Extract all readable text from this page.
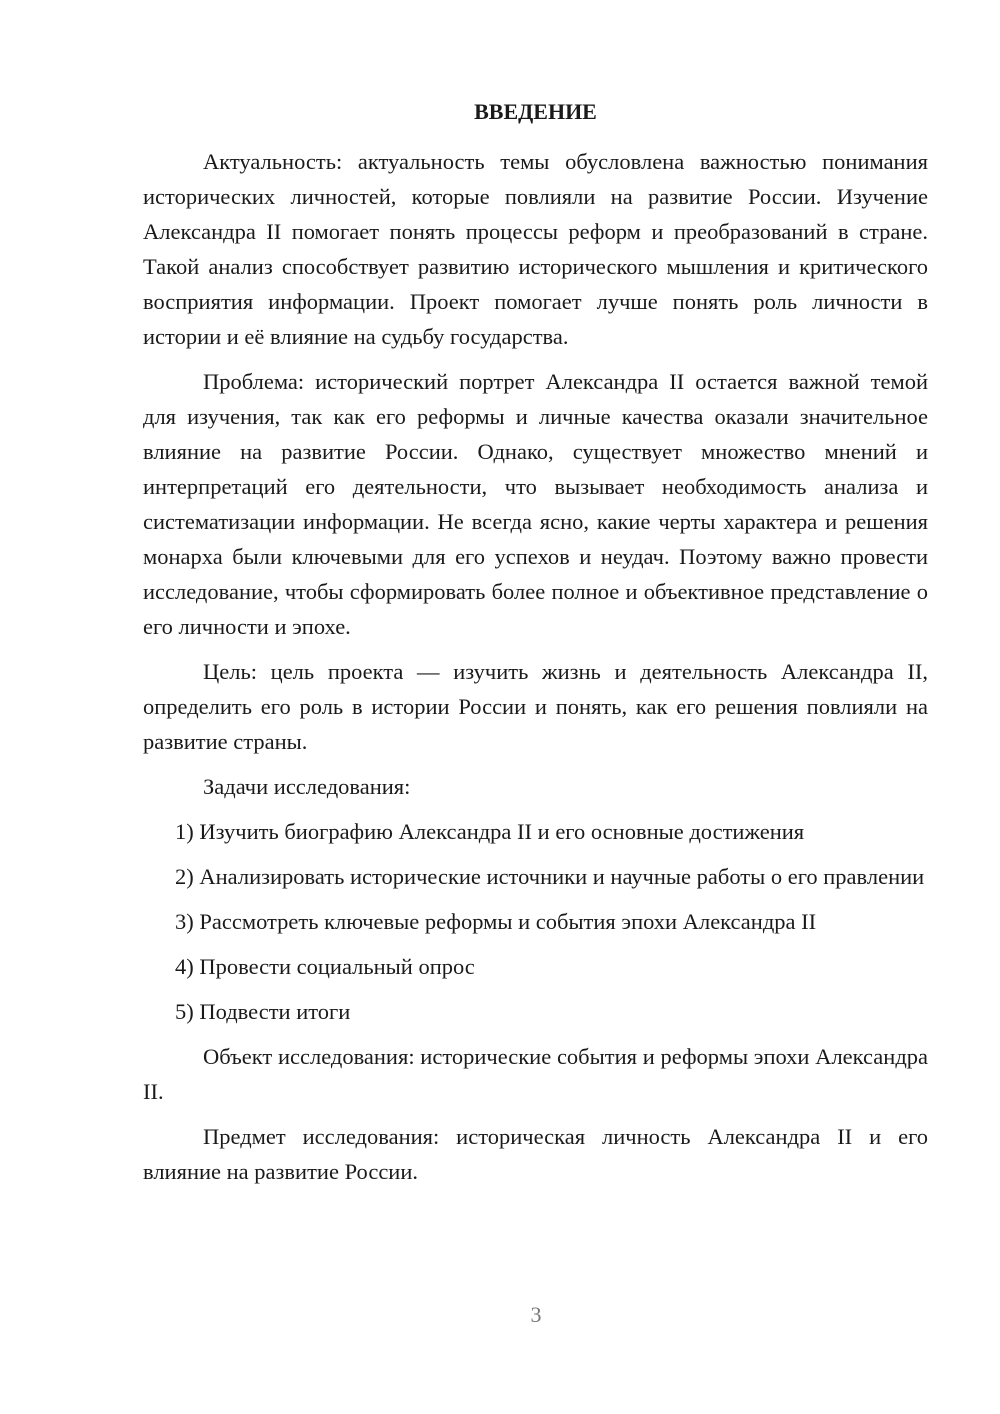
ВВЕДЕНИЕ

Актуальность: актуальность темы обусловлена важностью понимания исторических личностей, которые повлияли на развитие России. Изучение Александра II помогает понять процессы реформ и преобразований в стране. Такой анализ способствует развитию исторического мышления и критического восприятия информации. Проект помогает лучше понять роль личности в истории и её влияние на судьбу государства.

Проблема: исторический портрет Александра II остается важной темой для изучения, так как его реформы и личные качества оказали значительное влияние на развитие России. Однако, существует множество мнений и интерпретаций его деятельности, что вызывает необходимость анализа и систематизации информации. Не всегда ясно, какие черты характера и решения монарха были ключевыми для его успехов и неудач. Поэтому важно провести исследование, чтобы сформировать более полное и объективное представление о его личности и эпохе.

Цель: цель проекта — изучить жизнь и деятельность Александра II, определить его роль в истории России и понять, как его решения повлияли на развитие страны.

Задачи исследования:

1) Изучить биографию Александра II и его основные достижения

2) Анализировать исторические источники и научные работы о его правлении

3) Рассмотреть ключевые реформы и события эпохи Александра II

4) Провести социальный опрос

5) Подвести итоги

Объект исследования: исторические события и реформы эпохи Александра II.

Предмет исследования: историческая личность Александра II и его влияние на развитие России.

3
